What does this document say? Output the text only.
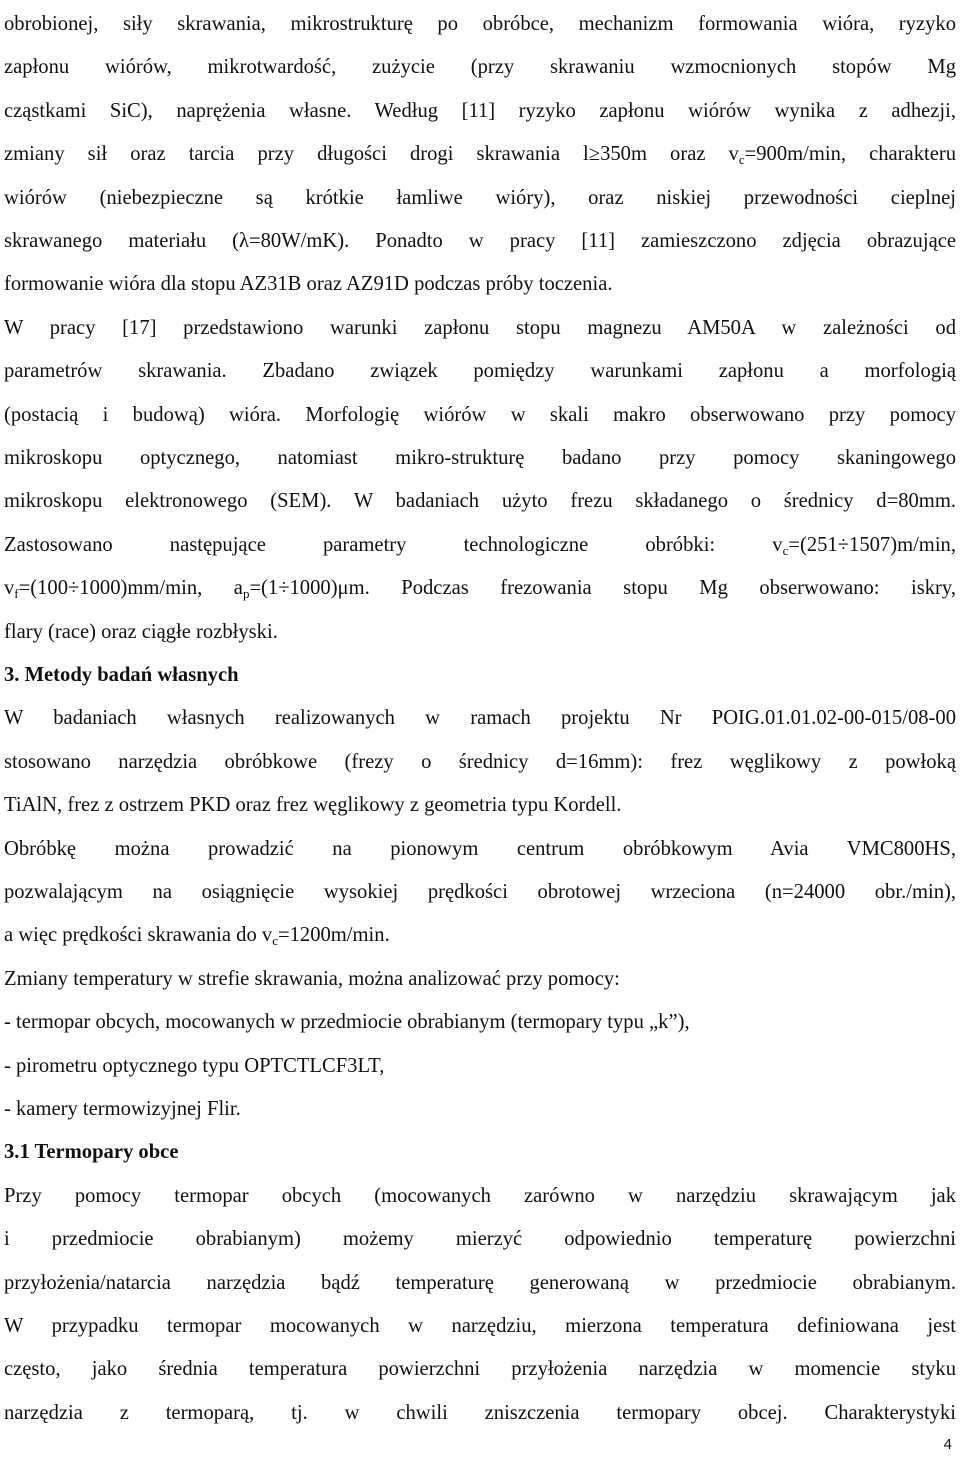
obrobionej, siły skrawania, mikrostrukturę po obróbce, mechanizm formowania wióra, ryzyko
zapłonu wiórów, mikrotwardość, zużycie (przy skrawaniu wzmocnionych stopów Mg
cząstkami SiC), naprężenia własne. Według [11] ryzyko zapłonu wiórów wynika z adhezji,
zmiany sił oraz tarcia przy długości drogi skrawania l≥350m oraz $v_c=900m/\min$, charakteru
wiórów (niebezpieczne są krótkie łamliwe wióry), oraz niskiej przewodności cieplnej
skrawanego materiału (λ=80W/mK). Ponadto w pracy [11] zamieszczono zdjęcia obrazujące
formowanie wióra dla stopu AZ31B oraz AZ91D podczas próby toczenia.
W pracy [17] przedstawiono warunki zapłonu stopu magnezu AM50A w zależności od
parametrów skrawania. Zbadano związek pomiędzy warunkami zapłonu a morfologią
(postacią i budową) wióra. Morfologię wiórów w skali makro obserwowano przy pomocy
mikroskopu optycznego, natomiast mikro-strukturę badano przy pomocy skaningowego
mikroskopu elektronowego (SEM). W badaniach użyto frezu składanego o średnicy d=80mm.
Zastosowano następujące parametry technologiczne obróbki: $v_c=(251\div 1507)m/\min$,
$v_f=(100\div 1000)mm/\min$, $a_p=(1\div 1000)\mu m$. Podczas frezowania stopu Mg obserwowano: iskry,
flary (race) oraz ciągłe rozbłyski.
3. Metody badań własnych
W badaniach własnych realizowanych w ramach projektu Nr POIG.01.01.02-00-015/08-00
stosowano narzędzia obróbkowe (frezy o średnicy d=16mm): frez węglikowy z powłoką
TiAlN, frez z ostrzem PKD oraz frez węglikowy z geometria typu Kordell.
Obróbkę można prowadzić na pionowym centrum obróbkowym Avia VMC800HS,
pozwalającym na osiągnięcie wysokiej prędkości obrotowej wrzeciona (n=24000 obr./min),
a więc prędkości skrawania do $v_c=1200m/\min$.
Zmiany temperatury w strefie skrawania, można analizować przy pomocy:
- termopar obcych, mocowanych w przedmiocie obrabianym (termopary typu „k”),
- pirometru optycznego typu OPTCTLCF3LT,
- kamery termowizyjnej Flir.
3.1 Termopary obce
Przy pomocy termopar obcych (mocowanych zarówno w narzędziu skrawającym jak
i przedmiocie obrabianym) możemy mierzyć odpowiednio temperaturę powierzchni
przyłożenia/natarcia narzędzia bądź temperaturę generowaną w przedmiocie obrabianym.
W przypadku termopar mocowanych w narzędziu, mierzona temperatura definiowana jest
często, jako średnia temperatura powierzchni przyłożenia narzędzia w momencie styku
narzędzia z termoparą, tj. w chwili zniszczenia termopary obcej. Charakterystyki
4
